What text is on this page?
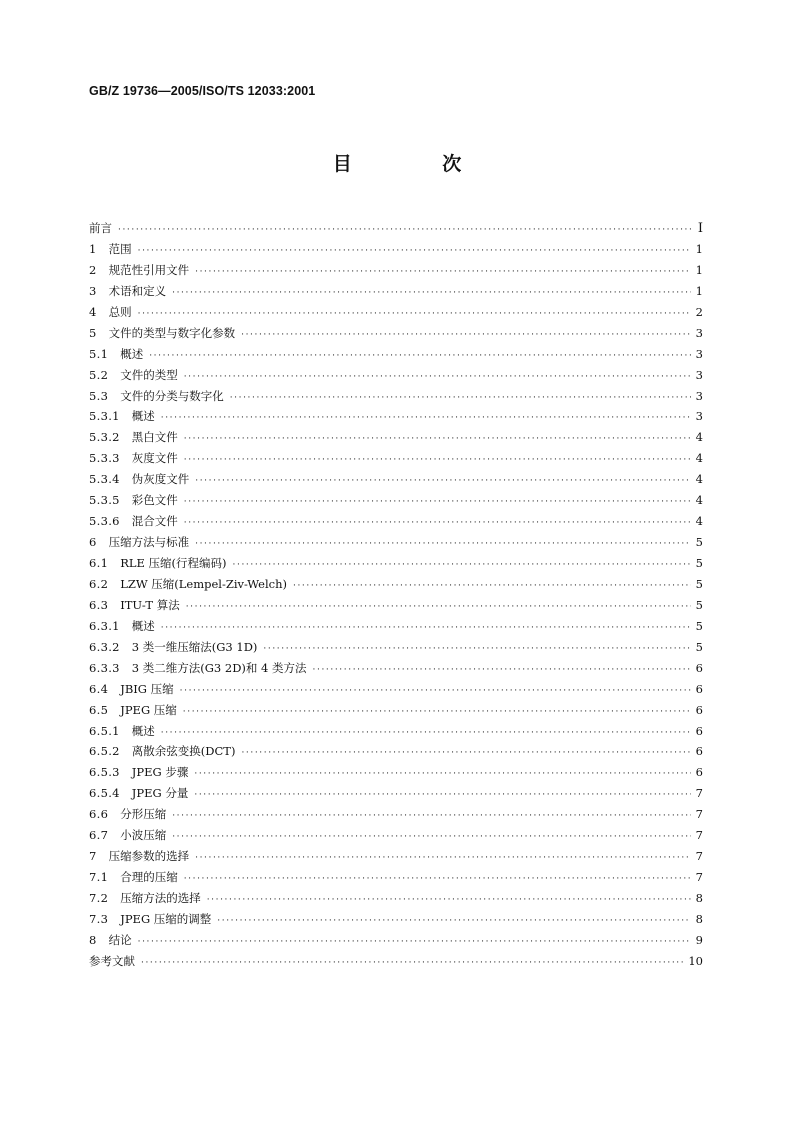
GB/Z 19736—2005/ISO/TS 12033:2001
目 次
前言 ·····	I
1 范围 ·····	1
2 规范性引用文件 ·····	1
3 术语和定义 ·····	1
4 总则 ·····	2
5 文件的类型与数字化参数 ·····	3
5.1 概述 ·····	3
5.2 文件的类型 ·····	3
5.3 文件的分类与数字化 ·····	3
5.3.1 概述 ·····	3
5.3.2 黑白文件 ·····	4
5.3.3 灰度文件 ·····	4
5.3.4 伪灰度文件 ·····	4
5.3.5 彩色文件 ·····	4
5.3.6 混合文件 ·····	4
6 压缩方法与标准 ·····	5
6.1 RLE 压缩(行程编码) ·····	5
6.2 LZW 压缩(Lempel-Ziv-Welch) ·····	5
6.3 ITU-T 算法 ·····	5
6.3.1 概述 ·····	5
6.3.2 3 类一维压缩法(G3 1D) ·····	5
6.3.3 3 类二维方法(G3 2D)和 4 类方法 ·····	6
6.4 JBIG 压缩 ·····	6
6.5 JPEG 压缩 ·····	6
6.5.1 概述 ·····	6
6.5.2 离散余弦变换(DCT) ·····	6
6.5.3 JPEG 步骤 ·····	6
6.5.4 JPEG 分量 ·····	7
6.6 分形压缩 ·····	7
6.7 小波压缩 ·····	7
7 压缩参数的选择 ·····	7
7.1 合理的压缩 ·····	7
7.2 压缩方法的选择 ·····	8
7.3 JPEG 压缩的调整 ·····	8
8 结论 ·····	9
参考文献 ·····	10
